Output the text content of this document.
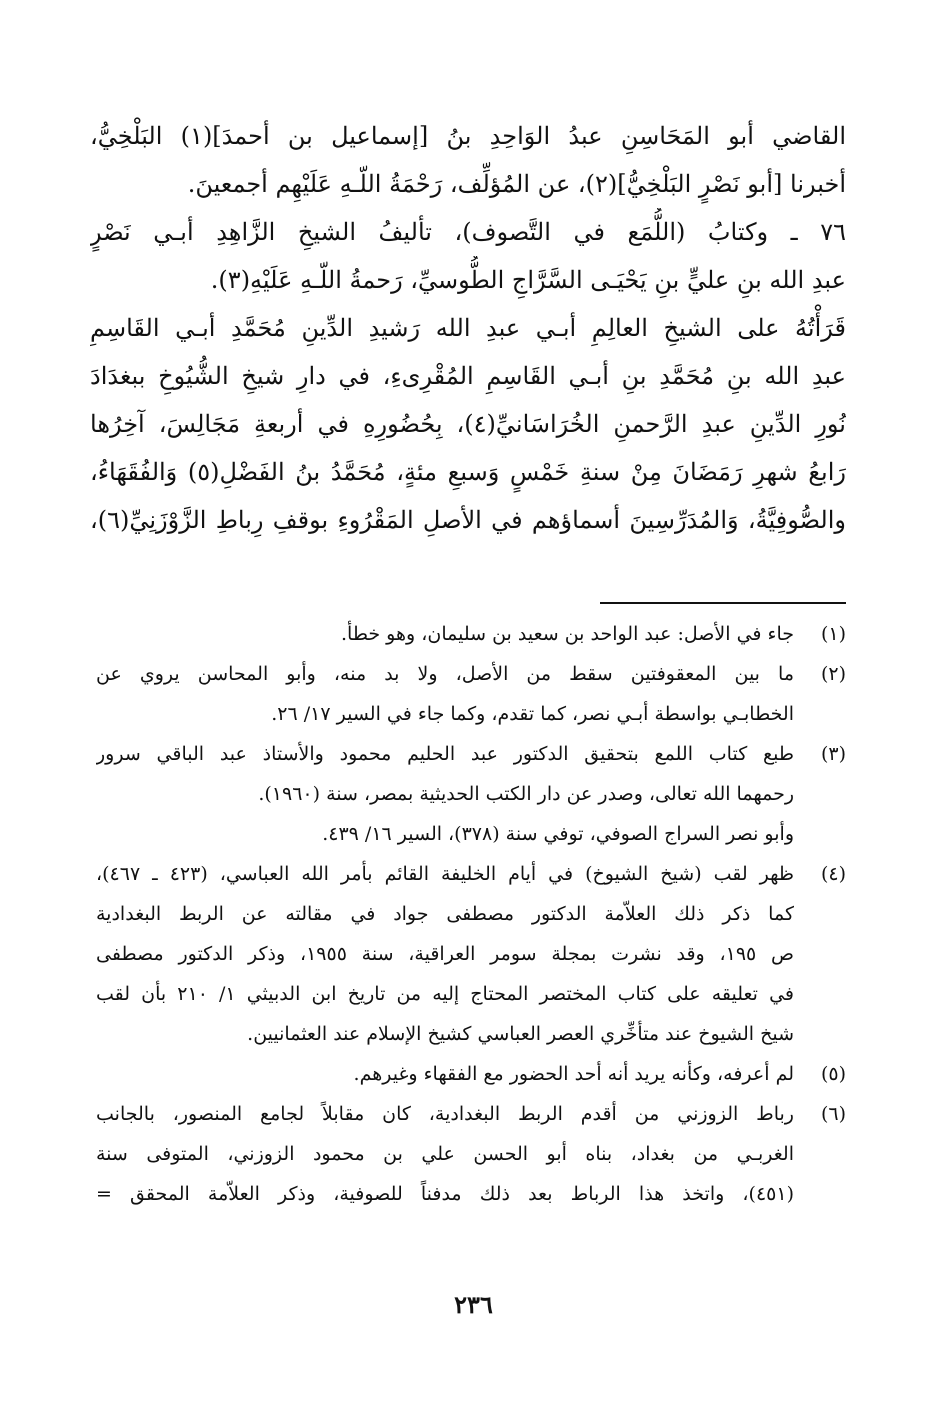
القاضي أبو المَحَاسِنِ عبدُ الوَاحِدِ بنُ [إسماعيل بن أحمدَ](١) البَلْخِيُّ،
أخبرنا [أبو نَصْرٍ البَلْخِيُّ](٢)، عن المُؤلِّف، رَحْمَةُ اللّـهِ عَلَيْهِم أجمعينَ.
٧٦ ـ وكتابُ (اللُّمَع في التَّصوف)، تأليفُ الشيخِ الزَّاهِدِ أبـي نَصْرٍ
عبدِ الله بنِ عليٍّ بنِ يَحْيَـى السَّرَّاجِ الطُّوسيِّ، رَحمةُ اللّـهِ عَلَيْهِ(٣).
قَرَأْتُهُ على الشيخِ العالِمِ أبـي عبدِ الله رَشيدِ الدِّينِ مُحَمَّدِ أبـي القَاسِمِ
عبدِ الله بنِ مُحَمَّدِ بنِ أبـي القَاسِمِ المُقْرِىءِ، في دارِ شيخِ الشُّيُوخِ ببغدَادَ
نُورِ الدِّينِ عبدِ الرَّحمنِ الخُرَاسَانيِّ(٤)، بِحُضُورِهِ في أربعةِ مَجَالِسَ، آخِرُها
رَابعُ شهرِ رَمَضَانَ مِنْ سنةِ خَمْسٍ وَسبعِ مئةٍ، مُحَمَّدُ بنُ الفَضْلِ(٥) وَالفُقَهَاءُ،
والصُّوفِيَّةُ، وَالمُدَرِّسِينَ أسماؤهم في الأصلِ المَقْرُوءِ بوقفِ رِباطِ الزَّوْزَنِيِّ(٦)،
(١)
جاء في الأصل: عبد الواحد بن سعيد بن سليمان، وهو خطأ.
(٢)
ما بين المعقوفتين سقط من الأصل، ولا بد منه، وأبو المحاسن يروي عن
الخطابـي بواسطة أبـي نصر، كما تقدم، وكما جاء في السير ١٧/ ٢٦.
(٣)
طبع كتاب اللمع بتحقيق الدكتور عبد الحليم محمود والأستاذ عبد الباقي سرور
رحمهما الله تعالى، وصدر عن دار الكتب الحديثية بمصر، سنة (١٩٦٠).
وأبو نصر السراج الصوفي، توفي سنة (٣٧٨)، السير ١٦/ ٤٣٩.
(٤)
ظهر لقب (شيخ الشيوخ) في أيام الخليفة القائم بأمر الله العباسي، (٤٢٣ ـ ٤٦٧)،
كما ذكر ذلك العلاّمة الدكتور مصطفى جواد في مقالته عن الربط البغدادية
ص ١٩٥، وقد نشرت بمجلة سومر العراقية، سنة ١٩٥٥، وذكر الدكتور مصطفى
في تعليقه على كتاب المختصر المحتاج إليه من تاريخ ابن الدبيثي ١/ ٢١٠ بأن لقب
شيخ الشيوخ عند متأخِّري العصر العباسي كشيخ الإسلام عند العثمانيين.
(٥)
لم أعرفه، وكأنه يريد أنه أحد الحضور مع الفقهاء وغيرهم.
(٦)
رباط الزوزني من أقدم الربط البغدادية، كان مقابلاً لجامع المنصور، بالجانب
الغربـي من بغداد، بناه أبو الحسن علي بن محمود الزوزني، المتوفى سنة
(٤٥١)، واتخذ هذا الرباط بعد ذلك مدفناً للصوفية، وذكر العلاّمة المحقق =
٢٣٦
